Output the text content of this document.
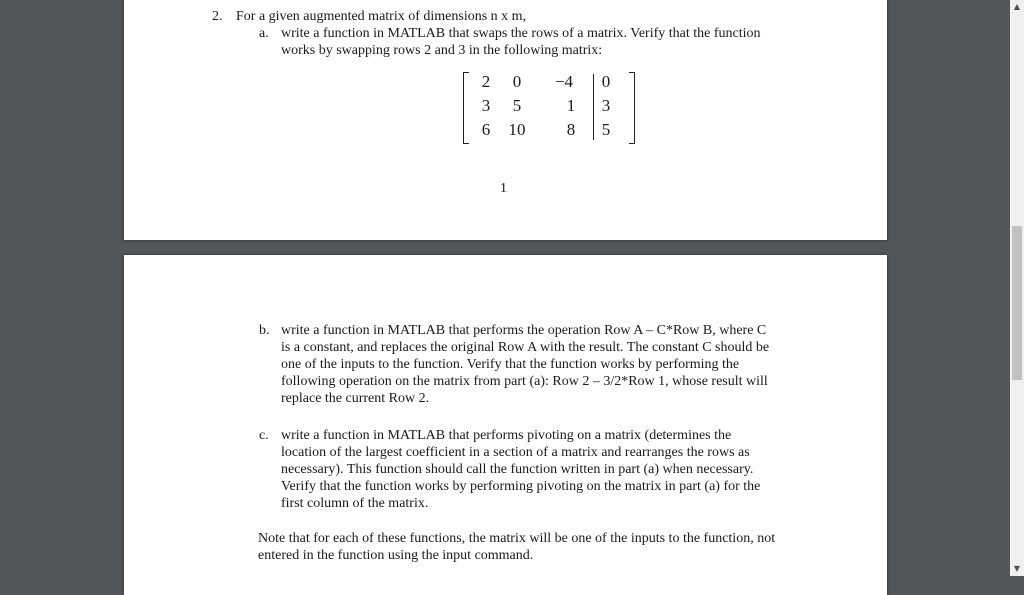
2. For a given augmented matrix of dimensions n x m,
a. write a function in MATLAB that swaps the rows of a matrix. Verify that the function
works by swapping rows 2 and 3 in the following matrix:
2	0	−4	0
3	5	1	3
6	10	8	5
1
b. write a function in MATLAB that performs the operation Row A – C*Row B, where C
is a constant, and replaces the original Row A with the result. The constant C should be
one of the inputs to the function. Verify that the function works by performing the
following operation on the matrix from part (a): Row 2 – 3/2*Row 1, whose result will
replace the current Row 2.
c. write a function in MATLAB that performs pivoting on a matrix (determines the
location of the largest coefficient in a section of a matrix and rearranges the rows as
necessary). This function should call the function written in part (a) when necessary.
Verify that the function works by performing pivoting on the matrix in part (a) for the
first column of the matrix.
Note that for each of these functions, the matrix will be one of the inputs to the function, not
entered in the function using the input command.
▲
▼
